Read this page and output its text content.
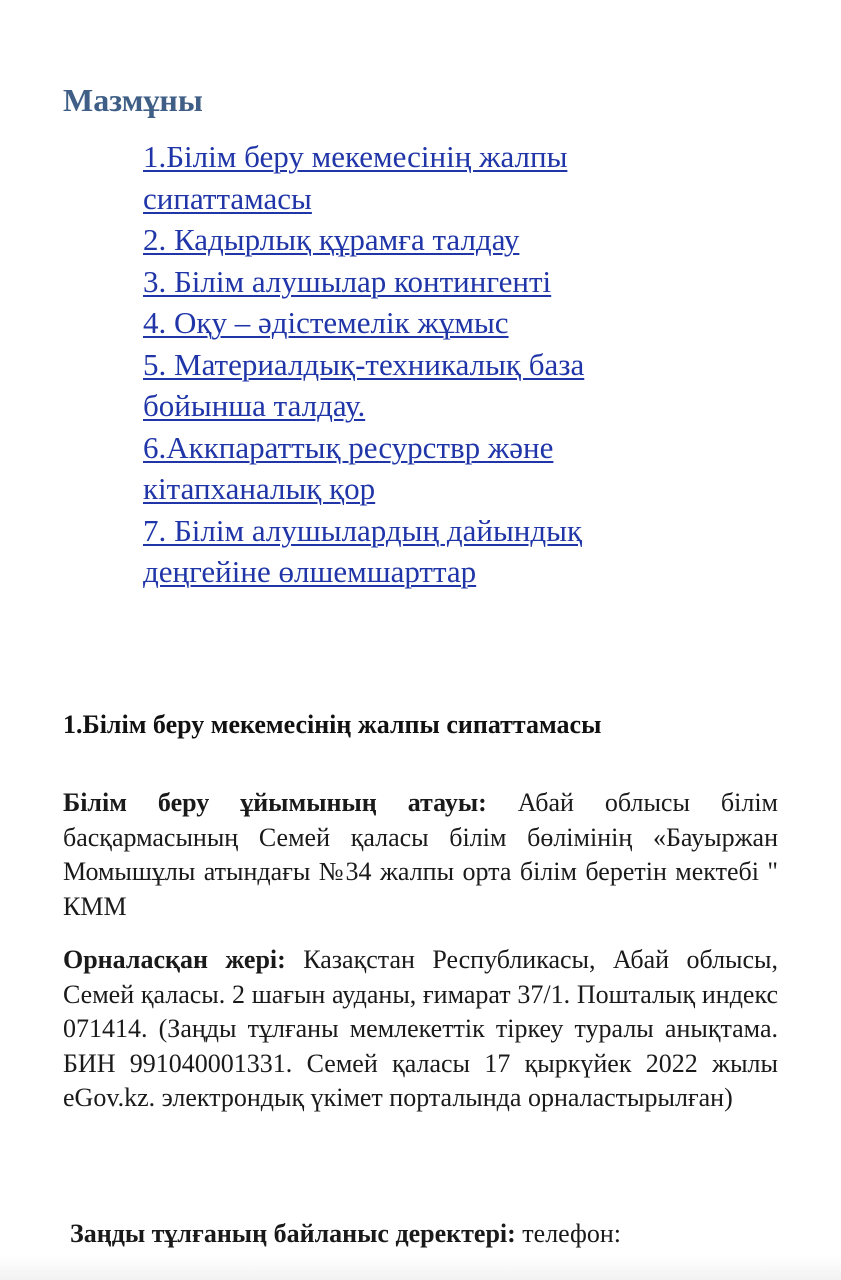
Мазмұны
1.Білім беру мекемесінің жалпы
сипаттамасы
2. Кадырлық құрамға талдау
3. Білім алушылар контингенті
4. Оқу – әдістемелік жұмыс
5. Материалдық-техникалық база
бойынша талдау.
6.Аккпараттық ресурствр және
кітапханалық қор
7. Білім алушылардың дайындық
деңгейіне өлшемшарттар
1.Білім беру мекемесінің жалпы сипаттамасы

Білім беру ұйымының атауы: Абай облысы білім басқармасының Семей қаласы білім бөлімінің «Бауыржан Момышұлы атындағы №34 жалпы орта білім беретін мектебі " КММ

Орналасқан жері: Казақстан Республикасы, Абай облысы, Семей қаласы. 2 шағын ауданы, ғимарат 37/1. Пошталық индекс 071414. (Заңды тұлғаны мемлекеттік тіркеу туралы анықтама. БИН 991040001331. Семей қаласы 17 қыркүйек 2022 жылы eGov.kz. электрондық үкімет порталында орналастырылған)

Заңды тұлғаның байланыс деректері: телефон:
